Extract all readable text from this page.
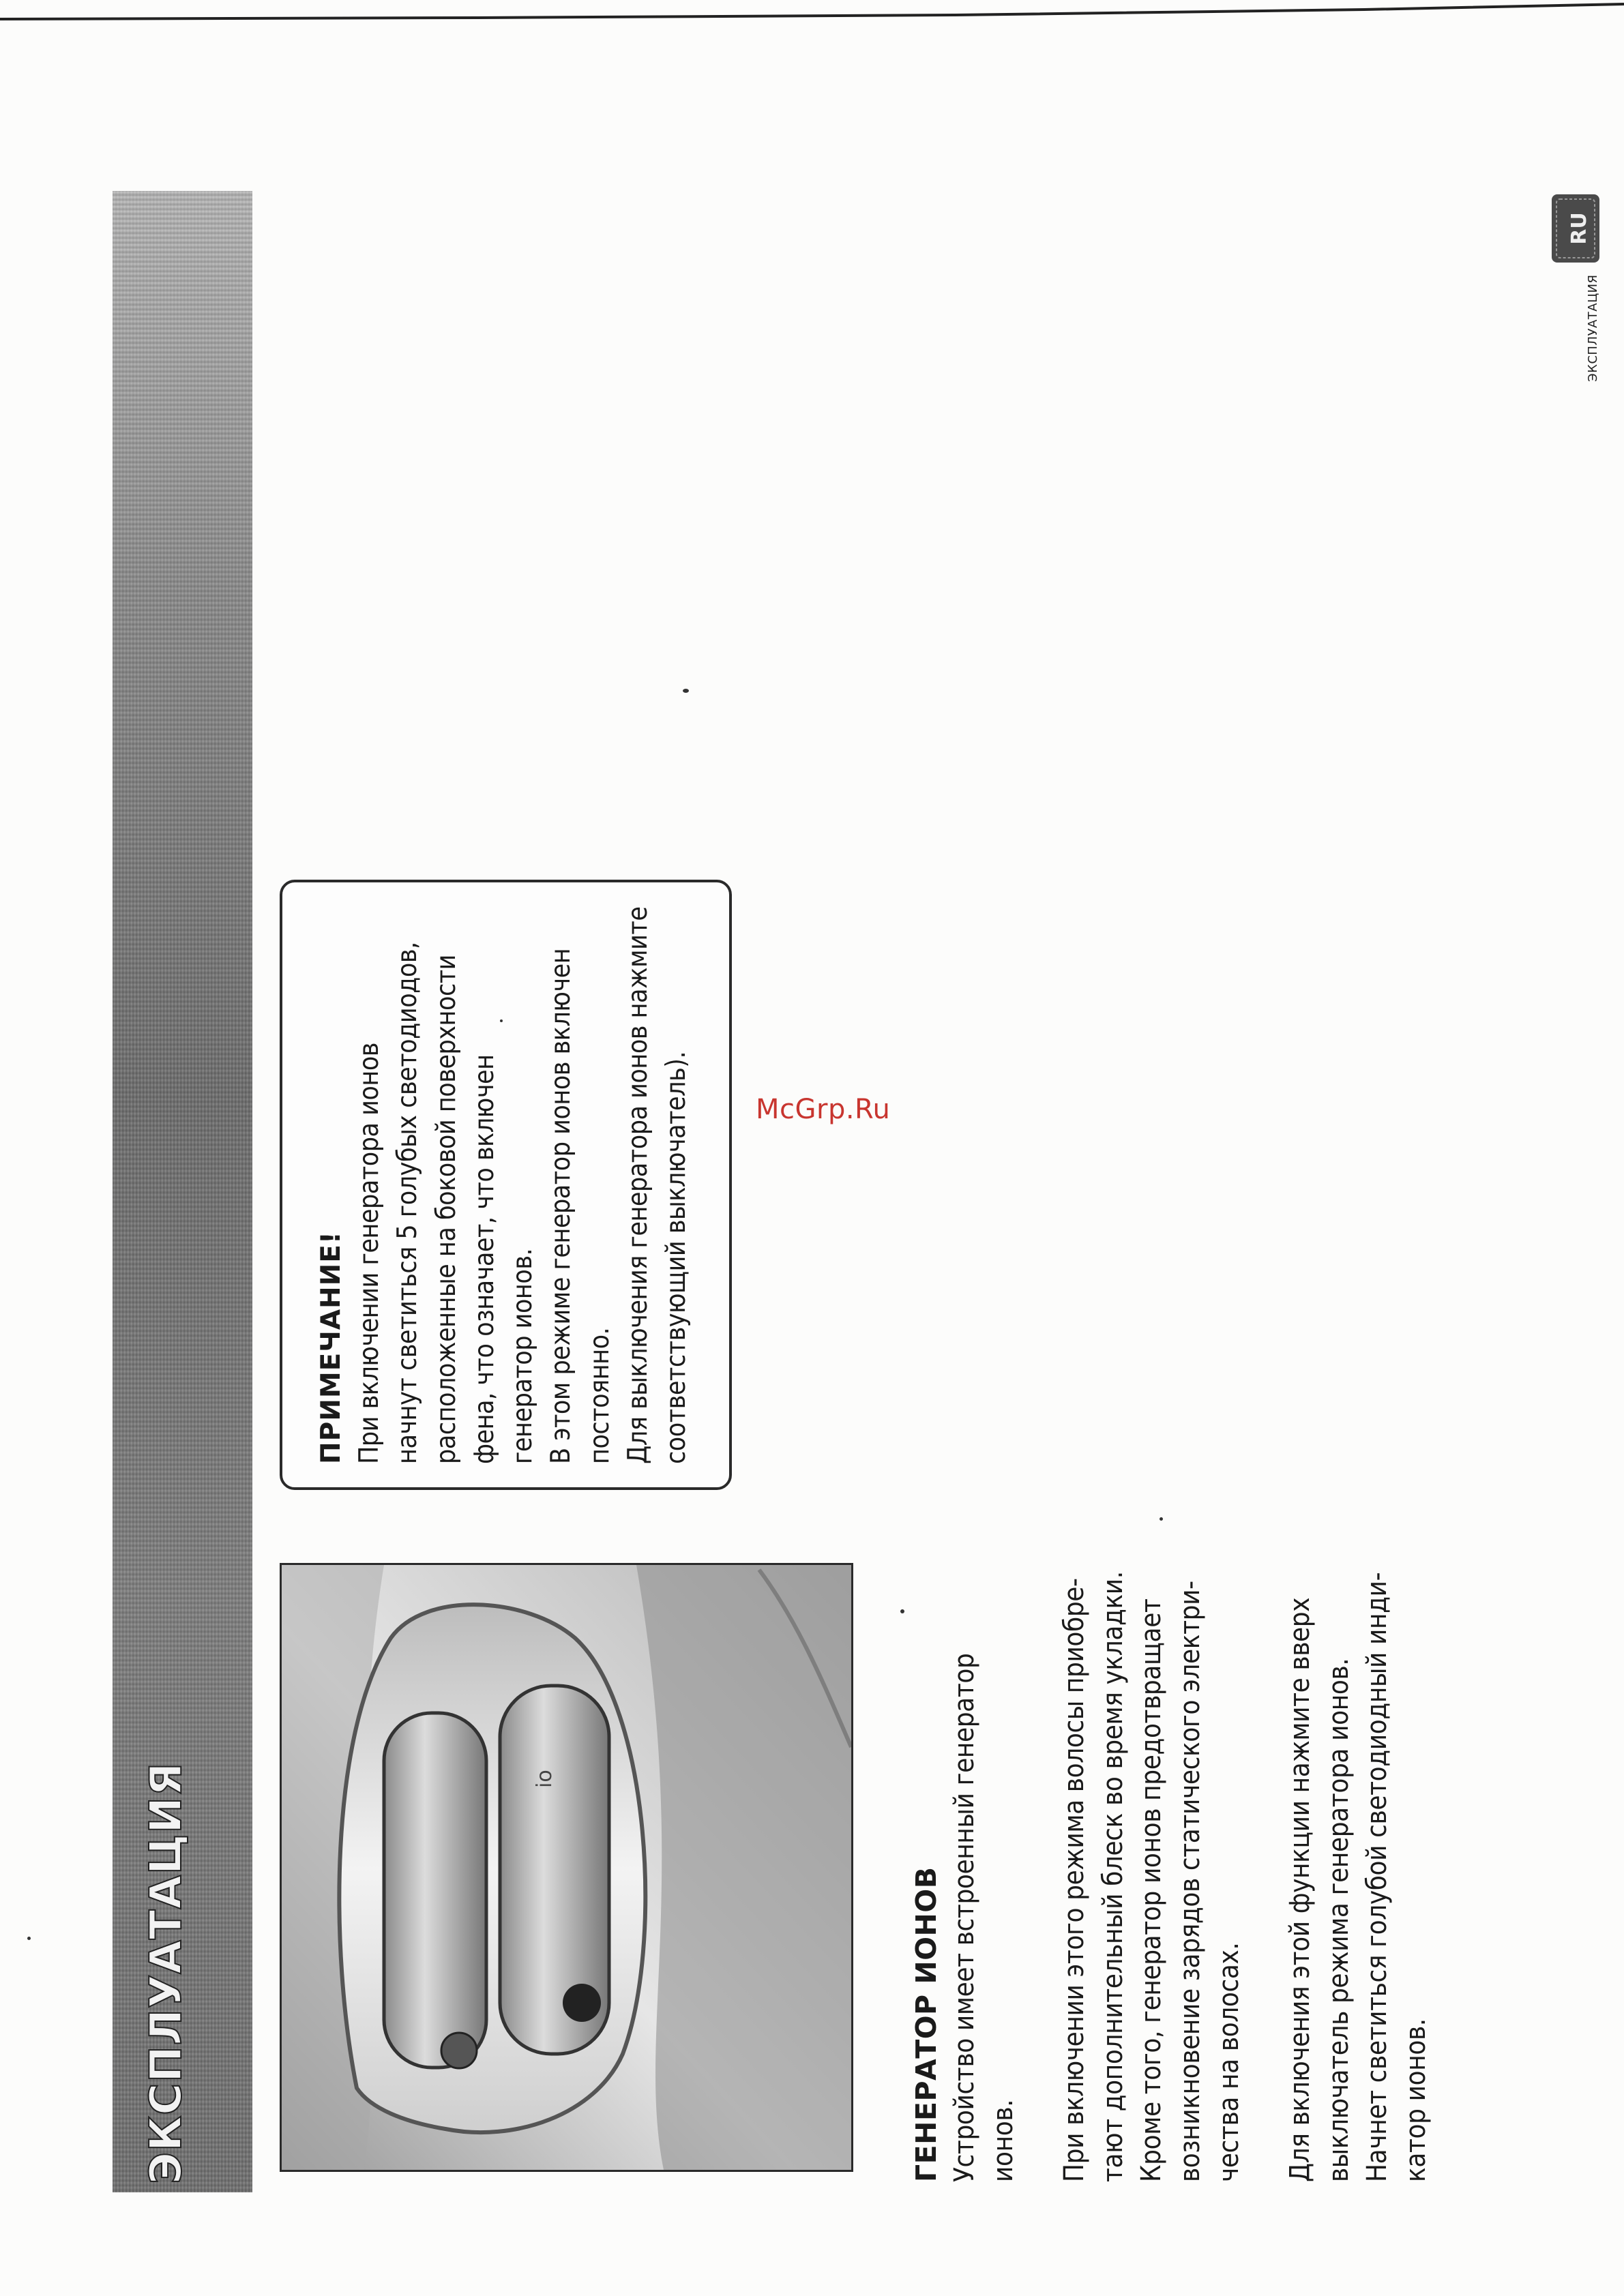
ЭКСПЛУАТАЦИЯ	io

ПРИМЕЧАНИЕ! При включении генератора ионов начнут светиться 5 голубых светодиодов, расположенные на боковой поверхности фена, что означает, что включен генератор ионов. В этом режиме генератор ионов включен постоянно. Для выключения генератора ионов нажмите соответствующий выключатель).

ГЕНЕРАТОР ИОНОВ Устройство имеет встроенный генератор ионов. При включении этого режима волосы приобре- тают дополнительный блеск во время укладки. Кроме того, генератор ионов предотвращает возникновение зарядов статического электри- чества на волосах. Для включения этой функции нажмите вверх выключатель режима генератора ионов. Начнет светиться голубой светодиодный инди- катор ионов.

McGrp.Ru
RU
ЭКСПЛУАТАЦИЯ
